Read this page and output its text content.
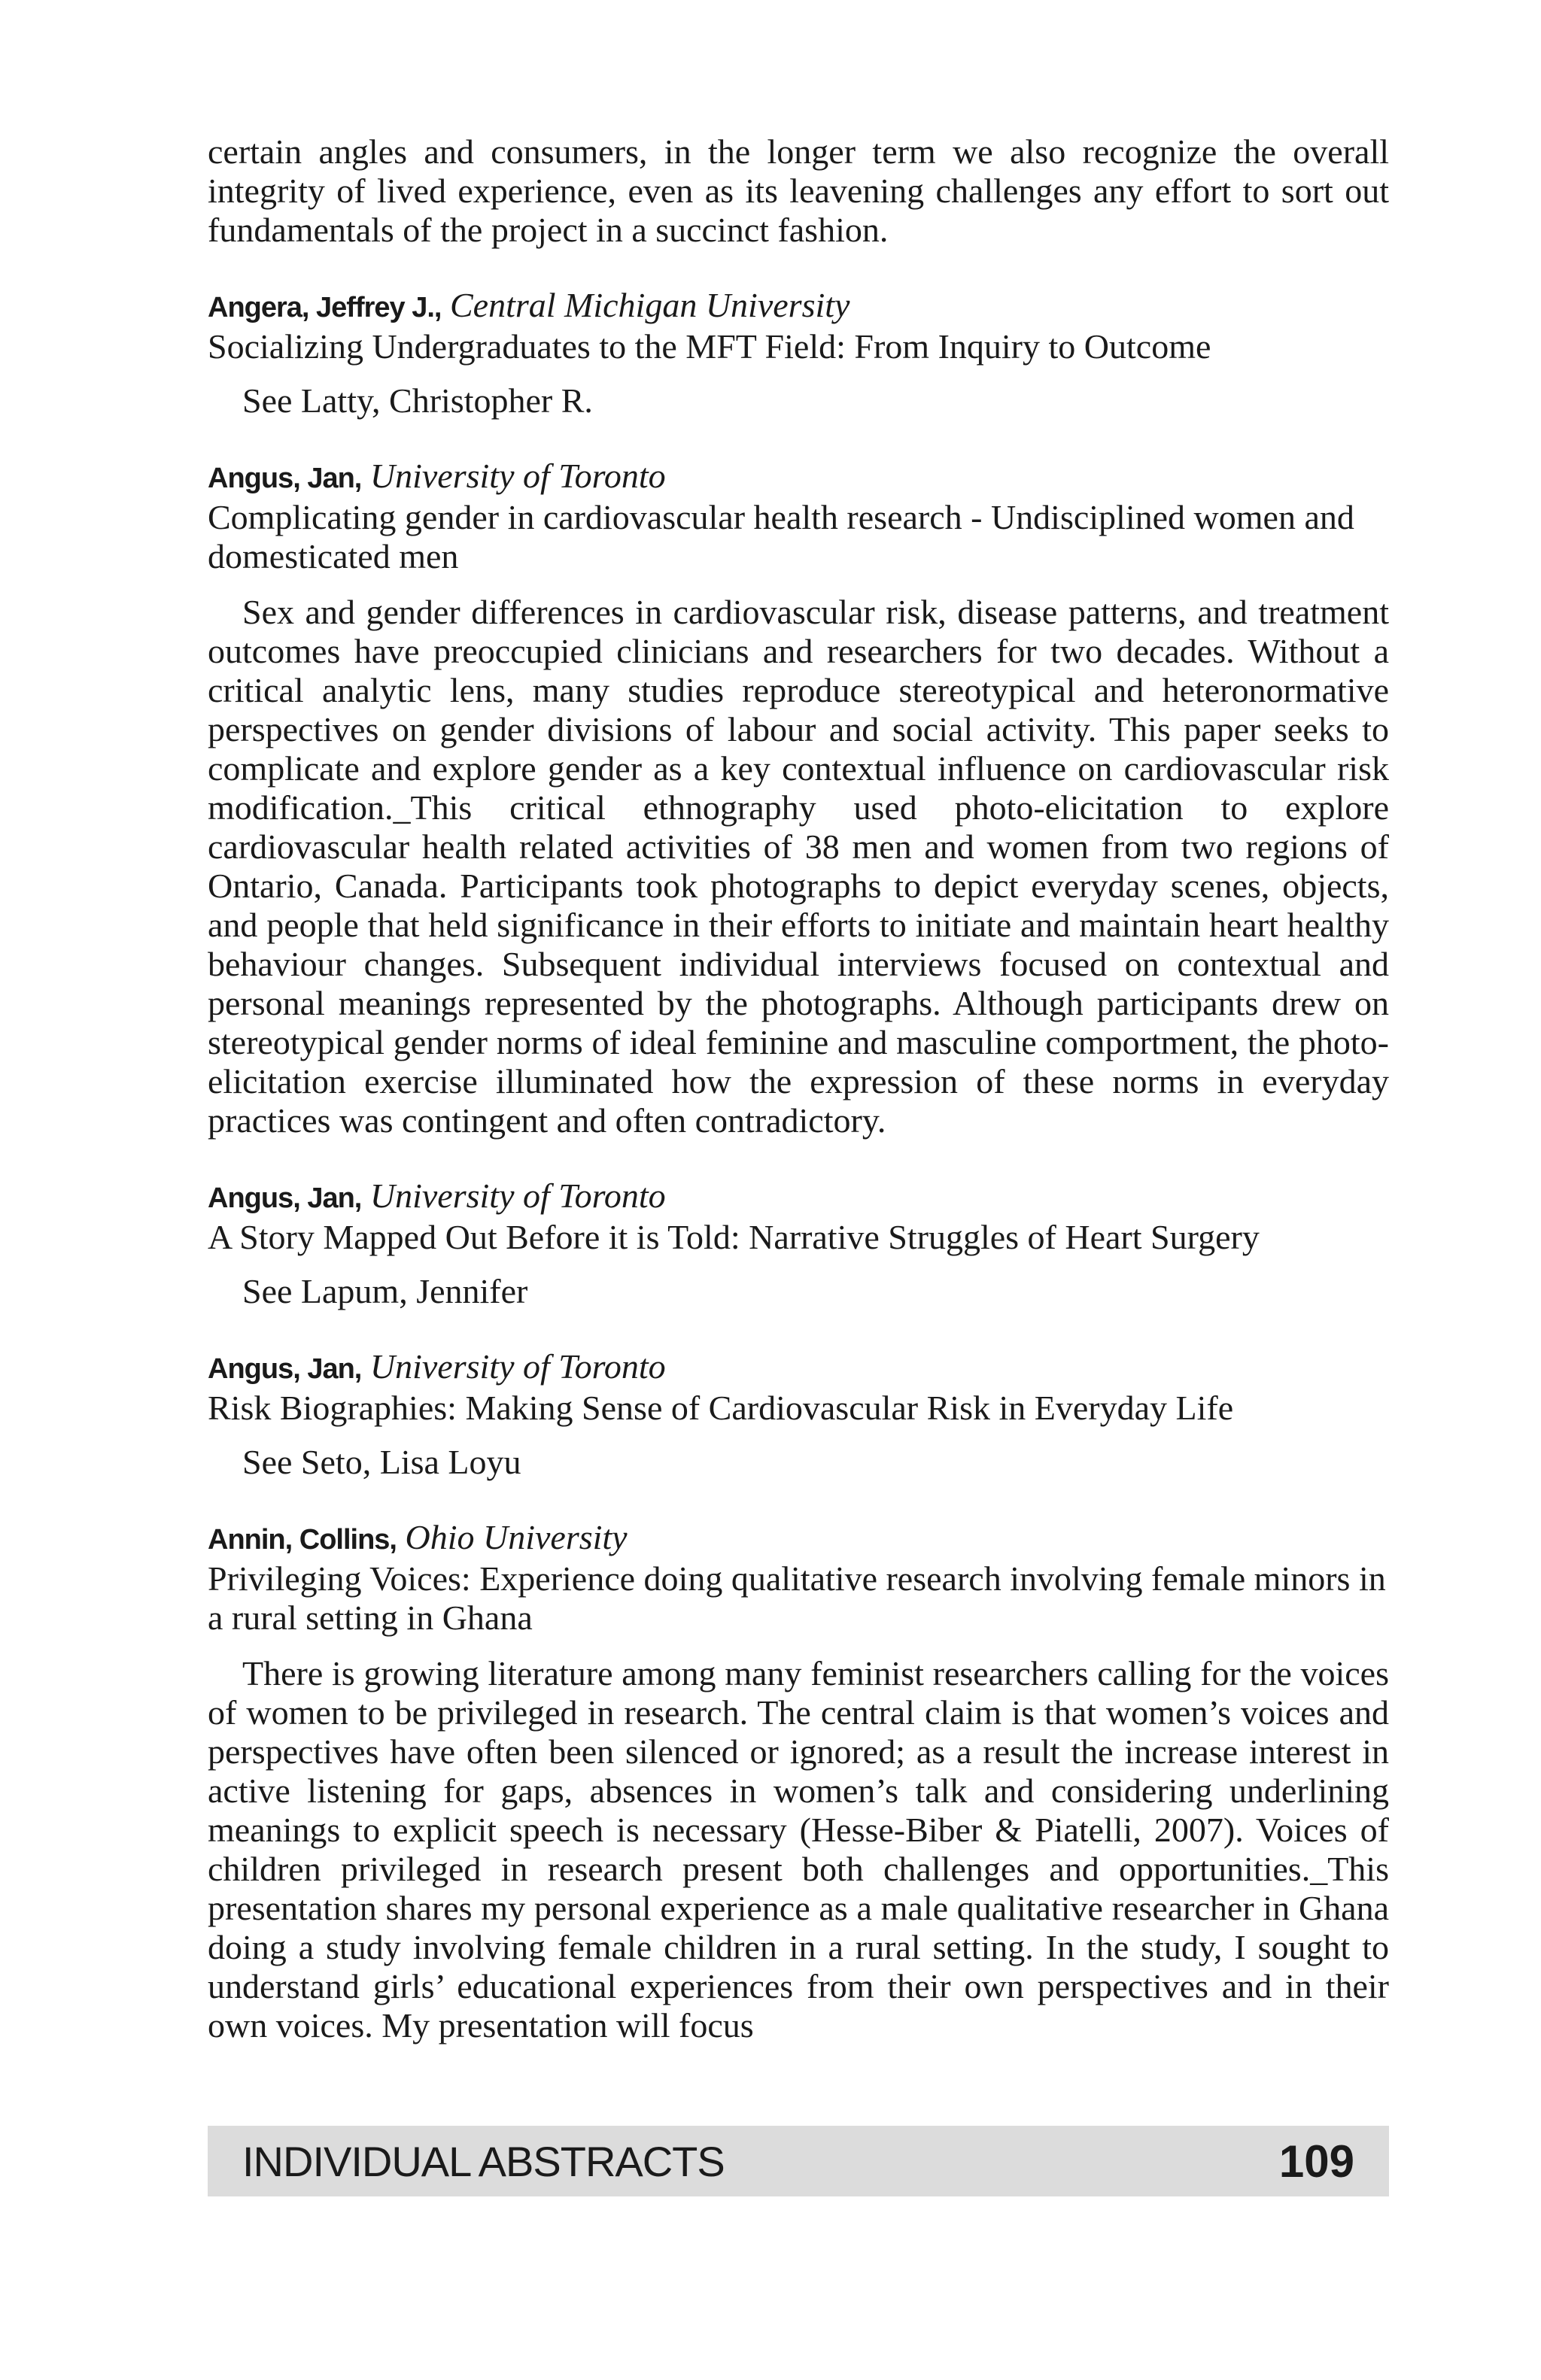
certain angles and consumers, in the longer term we also recognize the overall integrity of lived experience, even as its leavening challenges any effort to sort out fundamentals of the project in a succinct fashion.

Angera, Jeffrey J., Central Michigan University

Socializing Undergraduates to the MFT Field: From Inquiry to Outcome

See Latty, Christopher R.

Angus, Jan, University of Toronto

Complicating gender in cardiovascular health research - Undisciplined women and domesticated men

Sex and gender differences in cardiovascular risk, disease patterns, and treatment outcomes have preoccupied clinicians and researchers for two decades. Without a critical analytic lens, many studies reproduce stereotypical and heteronormative perspectives on gender divisions of labour and social activity. This paper seeks to complicate and explore gender as a key contextual influence on cardiovascular risk modification._This critical ethnography used photo-elicitation to explore cardiovascular health related activities of 38 men and women from two regions of Ontario, Canada. Participants took photographs to depict everyday scenes, objects, and people that held significance in their efforts to initiate and maintain heart healthy behaviour changes. Subsequent individual interviews focused on contextual and personal meanings represented by the photographs. Although participants drew on stereotypical gender norms of ideal feminine and masculine comportment, the photo-elicitation exercise illuminated how the expression of these norms in everyday practices was contingent and often contradictory.

Angus, Jan, University of Toronto

A Story Mapped Out Before it is Told: Narrative Struggles of Heart Surgery

See Lapum, Jennifer

Angus, Jan, University of Toronto

Risk Biographies: Making Sense of Cardiovascular Risk in Everyday Life

See Seto, Lisa Loyu

Annin, Collins, Ohio University

Privileging Voices: Experience doing qualitative research involving female minors in a rural setting in Ghana

There is growing literature among many feminist researchers calling for the voices of women to be privileged in research. The central claim is that women’s voices and perspectives have often been silenced or ignored; as a result the increase interest in active listening for gaps, absences in women’s talk and considering underlining meanings to explicit speech is necessary (Hesse-Biber & Piatelli, 2007). Voices of children privileged in research present both challenges and opportunities._This presentation shares my personal experience as a male qualitative researcher in Ghana doing a study involving female children in a rural setting. In the study, I sought to understand girls’ educational experiences from their own perspectives and in their own voices. My presentation will focus

INDIVIDUAL ABSTRACTS	109
